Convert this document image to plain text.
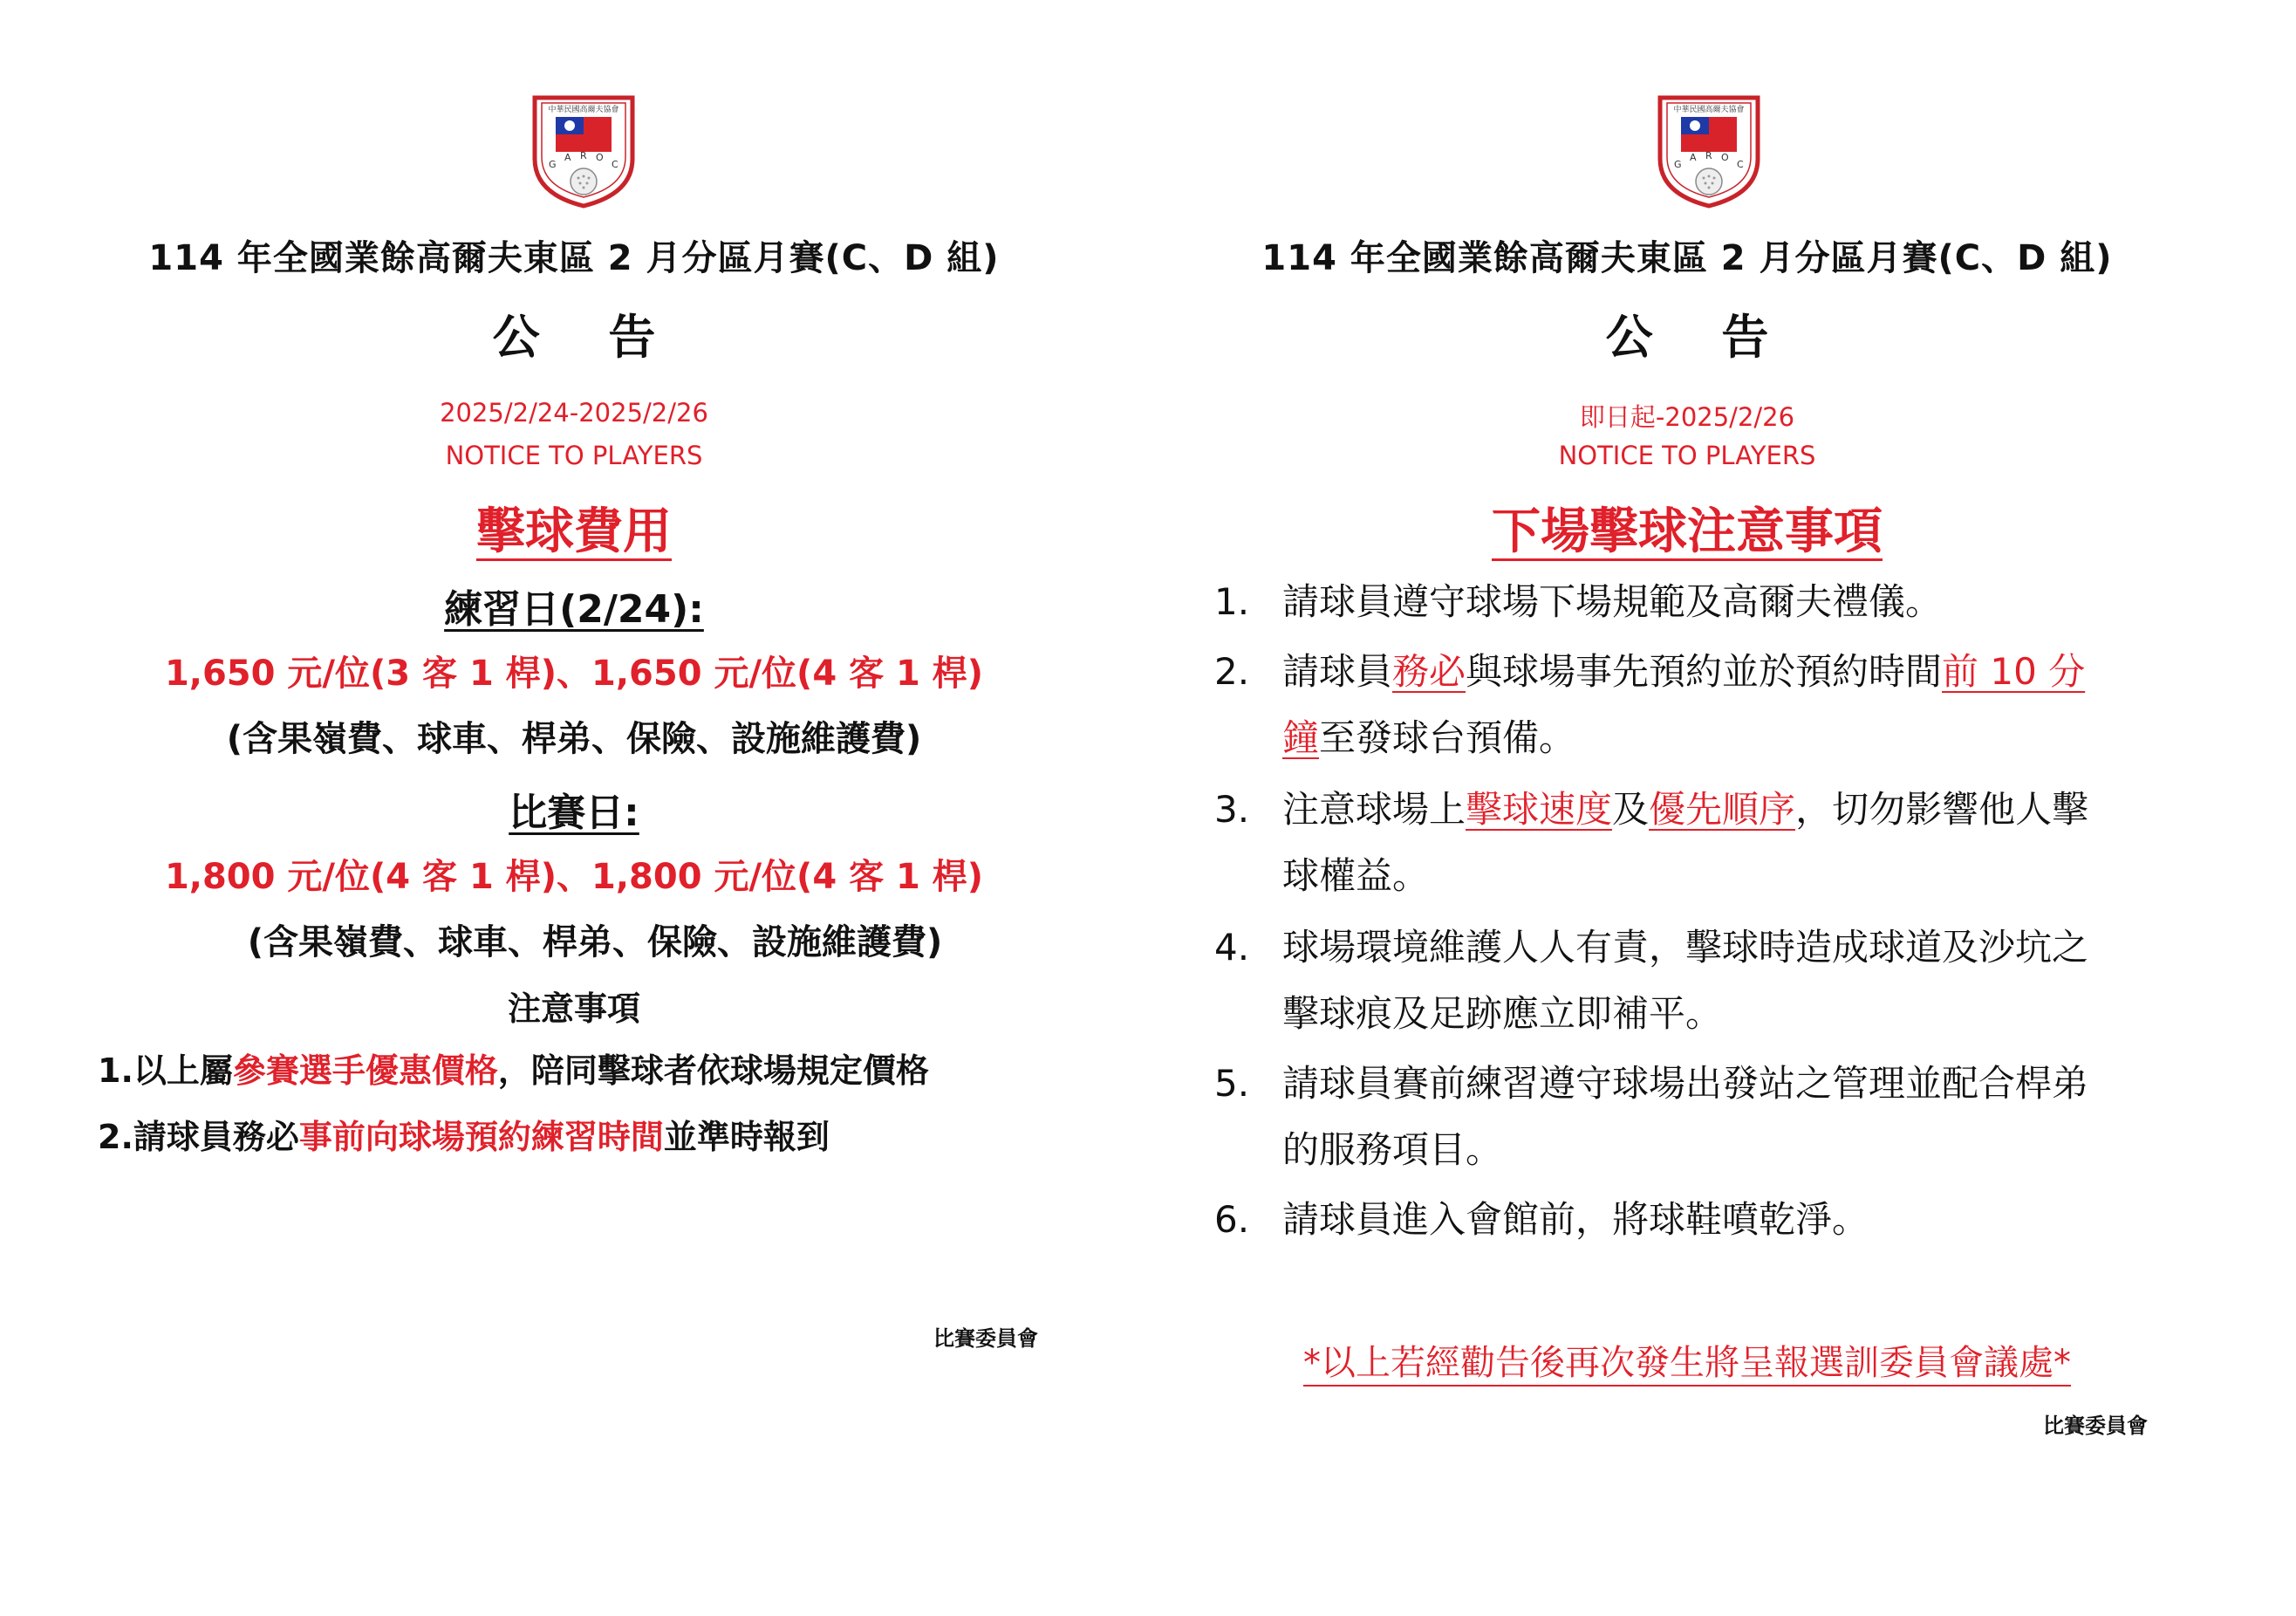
中華民國高爾夫協會
G
A R O
C
114 年全國業餘高爾夫東區 2 月分區月賽(C、D 組)
公 告
2025/2/24-2025/2/26
NOTICE TO PLAYERS
擊球費用
練習日(2/24):
1,650 元/位(3 客 1 桿)、1,650 元/位(4 客 1 桿)
(含果嶺費、球車、桿弟、保險、設施維護費)
比賽日:
1,800 元/位(4 客 1 桿)、1,800 元/位(4 客 1 桿)
(含果嶺費、球車、桿弟、保險、設施維護費)
注意事項
1.以上屬參賽選手優惠價格，陪同擊球者依球場規定價格
2.請球員務必事前向球場預約練習時間並準時報到
比賽委員會
中華民國高爾夫協會
G
A R O
C
114 年全國業餘高爾夫東區 2 月分區月賽(C、D 組)
公 告
即日起-2025/2/26
NOTICE TO PLAYERS
下場擊球注意事項
1. 請球員遵守球場下場規範及高爾夫禮儀。
2. 請球員務必與球場事先預約並於預約時間前 10 分
鐘至發球台預備。
3. 注意球場上擊球速度及優先順序，切勿影響他人擊
球權益。
4. 球場環境維護人人有責，擊球時造成球道及沙坑之
擊球痕及足跡應立即補平。
5. 請球員賽前練習遵守球場出發站之管理並配合桿弟
的服務項目。
6. 請球員進入會館前，將球鞋噴乾淨。
*以上若經勸告後再次發生將呈報選訓委員會議處*
比賽委員會
